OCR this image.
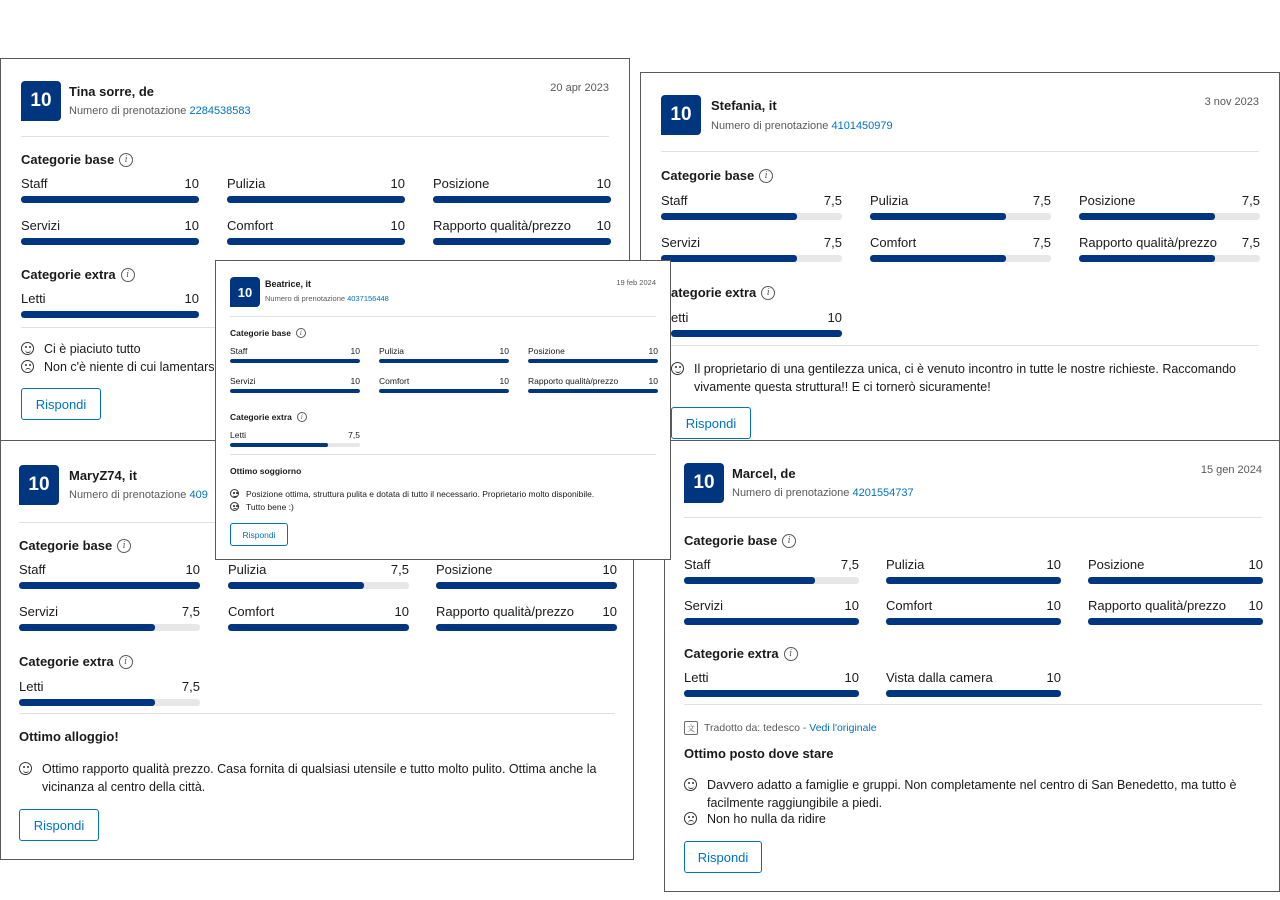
10	Tina sorre, de
Numero di prenotazione 2284538583
20 apr 2023
Categorie base	i
Staff	10 Pulizia	10 Posizione	10
Servizi	10 Comfort	10 Rapporto qualità/prezzo 10
Categorie extra	i
Letti	10
Ci è piaciuto tutto
Non c'è niente di cui lamentars
Rispondi
10	Stefania, it
Numero di prenotazione 4101450979
3 nov 2023
Categorie base	i
Staff	7,5 Pulizia	7,5 Posizione	7,5
Servizi	7,5 Comfort	7,5 Rapporto qualità/prezzo 7,5
ategorie extra	i
etti	10
Il proprietario di una gentilezza unica, ci è venuto incontro in tutte le nostre richieste. Raccomando
vivamente questa struttura!! E ci tornerò sicuramente!
Rispondi
10	MaryZ74, it
Numero di prenotazione 409
Categorie base	i
Staff	10 Pulizia	7,5 Posizione	10
Servizi	7,5 Comfort	10 Rapporto qualità/prezzo 10
Categorie extra	i
Letti	7,5
Ottimo alloggio!
Ottimo rapporto qualità prezzo. Casa fornita di qualsiasi utensile e tutto molto pulito. Ottima anche la
vicinanza al centro della città.
Rispondi
10	Marcel, de
Numero di prenotazione 4201554737
15 gen 2024
Categorie base	i
Staff	7,5 Pulizia	10 Posizione	10
Servizi	10 Comfort	10 Rapporto qualità/prezzo 10
Categorie extra	i
Letti	10 Vista dalla camera	10
文 Tradotto da: tedesco -
Vedi l'originale
Ottimo posto dove stare
Davvero adatto a famiglie e gruppi. Non completamente nel centro di San Benedetto, ma tutto è
facilmente raggiungibile a piedi.
Non ho nulla da ridire
Rispondi
10
Beatrice, it
Numero di prenotazione 4037156448
19 feb 2024
Categorie base	i
Staff	10 Pulizia	10 Posizione	10
Servizi	10 Comfort	10 Rapporto qualità/prezzo	10
Categorie extra	i
Letti	7,5
Ottimo soggiorno
Posizione ottima, struttura pulita e dotata di tutto il necessario. Proprietario molto disponibile.
Tutto bene :)
Rispondi
